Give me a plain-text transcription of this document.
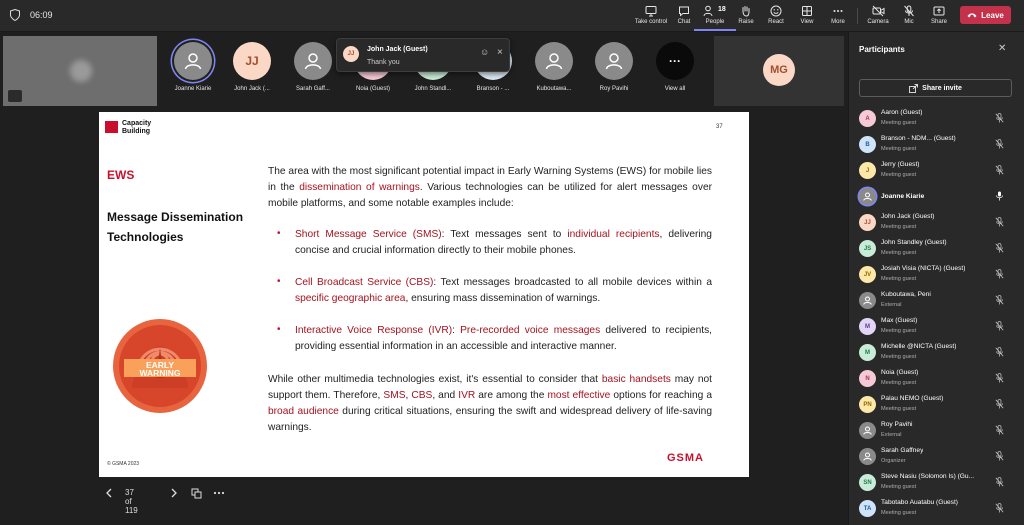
06:09
Take control	Chat
18
People	Raise	React	View	More	Camera	Mic	Share
Leave
Joanne Kiarie
JJ
John Jack (...	Sarah Gaff...	Noia (Guest)	John Standl...	Branson - ...	Kuboutawa...	Roy Pavihi
···
View all
MG
JJ
John Jack (Guest)
Thank you
☺ ×
Capacity
Building
37
EWS
Message Dissemination Technologies
EARLY
WARNING
The area with the most significant potential impact in Early Warning Systems (EWS) for mobile lies in the dissemination of warnings. Various technologies can be utilized for alert messages over mobile platforms, and some notable examples include:
•	Short Message Service (SMS): Text messages sent to individual recipients, delivering concise and crucial information directly to their mobile phones.
•	Cell Broadcast Service (CBS): Text messages broadcasted to all mobile devices within a specific geographic area, ensuring mass dissemination of warnings.
•	Interactive Voice Response (IVR): Pre-recorded voice messages delivered to recipients, providing essential information in an accessible and interactive manner.
While other multimedia technologies exist, it's essential to consider that basic handsets may not support them. Therefore, SMS, CBS, and IVR are among the most effective options for reaching a broad audience during critical situations, ensuring the swift and widespread delivery of life-saving warnings.
© GSMA 2023	GSMA
37 of 119
Participants	✕
Share invite
A
Aaron (Guest)
Meeting guest
B
Branson - NDM... (Guest)
Meeting guest
J
Jerry (Guest)
Meeting guest
Joanne Kiarie
JJ
John Jack (Guest)
Meeting guest
JS
John Standley (Guest)
Meeting guest
JV
Josiah Visia (NICTA) (Guest)
Meeting guest
Kuboutawa, Peni
External
M
Max (Guest)
Meeting guest
M
Michelle @NICTA (Guest)
Meeting guest
N
Noia (Guest)
Meeting guest
PN
Palau NEMO (Guest)
Meeting guest
Roy Pavihi
External
Sarah Gaffney
Organizer
SN
Steve Nasiu (Solomon Is) (Gu...
Meeting guest
TA
Tabotabo Auatabu (Guest)
Meeting guest
